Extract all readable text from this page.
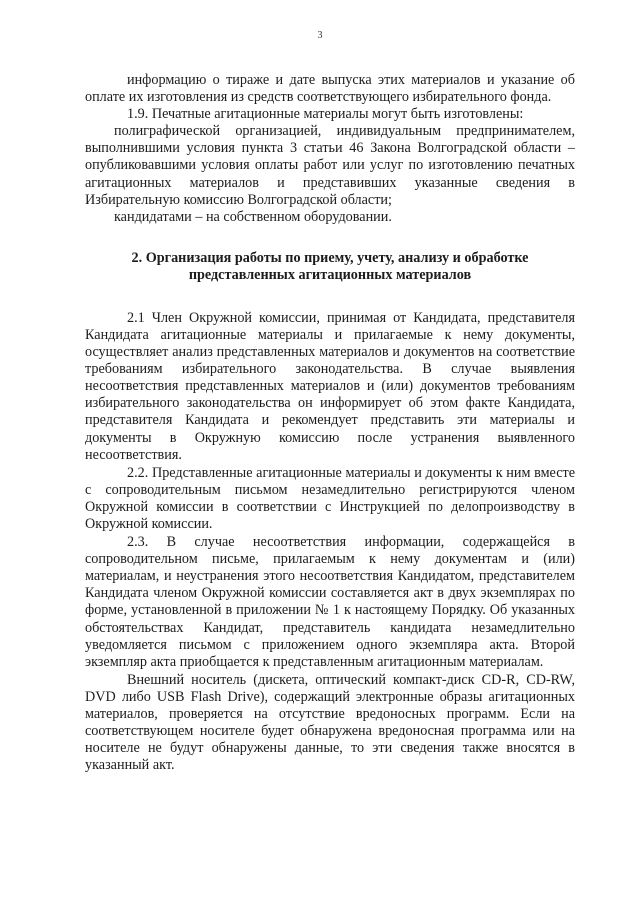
3

информацию о тираже и дате выпуска этих материалов и указание об оплате их изготовления из средств соответствующего избирательного фонда.

1.9. Печатные агитационные материалы могут быть изготовлены:

полиграфической организацией, индивидуальным предпринимателем, выполнившими условия пункта 3 статьи 46 Закона Волгоградской области – опубликовавшими условия оплаты работ или услуг по изготовлению печатных агитационных материалов и представивших указанные сведения в Избирательную комиссию Волгоградской области;

кандидатами – на собственном оборудовании.

2. Организация работы по приему, учету, анализу и обработке представленных агитационных материалов

2.1 Член Окружной комиссии, принимая от Кандидата, представителя Кандидата агитационные материалы и прилагаемые к нему документы, осуществляет анализ представленных материалов и документов на соответствие требованиям избирательного законодательства. В случае выявления несоответствия представленных материалов и (или) документов требованиям избирательного законодательства он информирует об этом факте Кандидата, представителя Кандидата и рекомендует представить эти материалы и документы в Окружную комиссию после устранения выявленного несоответствия.

2.2. Представленные агитационные материалы и документы к ним вместе с сопроводительным письмом незамедлительно регистрируются членом Окружной комиссии в соответствии с Инструкцией по делопроизводству в Окружной комиссии.

2.3. В случае несоответствия информации, содержащейся в сопроводительном письме, прилагаемым к нему документам и (или) материалам, и неустранения этого несоответствия Кандидатом, представителем Кандидата членом Окружной комиссии составляется акт в двух экземплярах по форме, установленной в приложении № 1 к настоящему Порядку. Об указанных обстоятельствах Кандидат, представитель кандидата незамедлительно уведомляется письмом с приложением одного экземпляра акта. Второй экземпляр акта приобщается к представленным агитационным материалам.

Внешний носитель (дискета, оптический компакт-диск CD-R, CD-RW, DVD либо USB Flash Drive), содержащий электронные образы агитационных материалов, проверяется на отсутствие вредоносных программ. Если на соответствующем носителе будет обнаружена вредоносная программа или на носителе не будут обнаружены данные, то эти сведения также вносятся в указанный акт.
